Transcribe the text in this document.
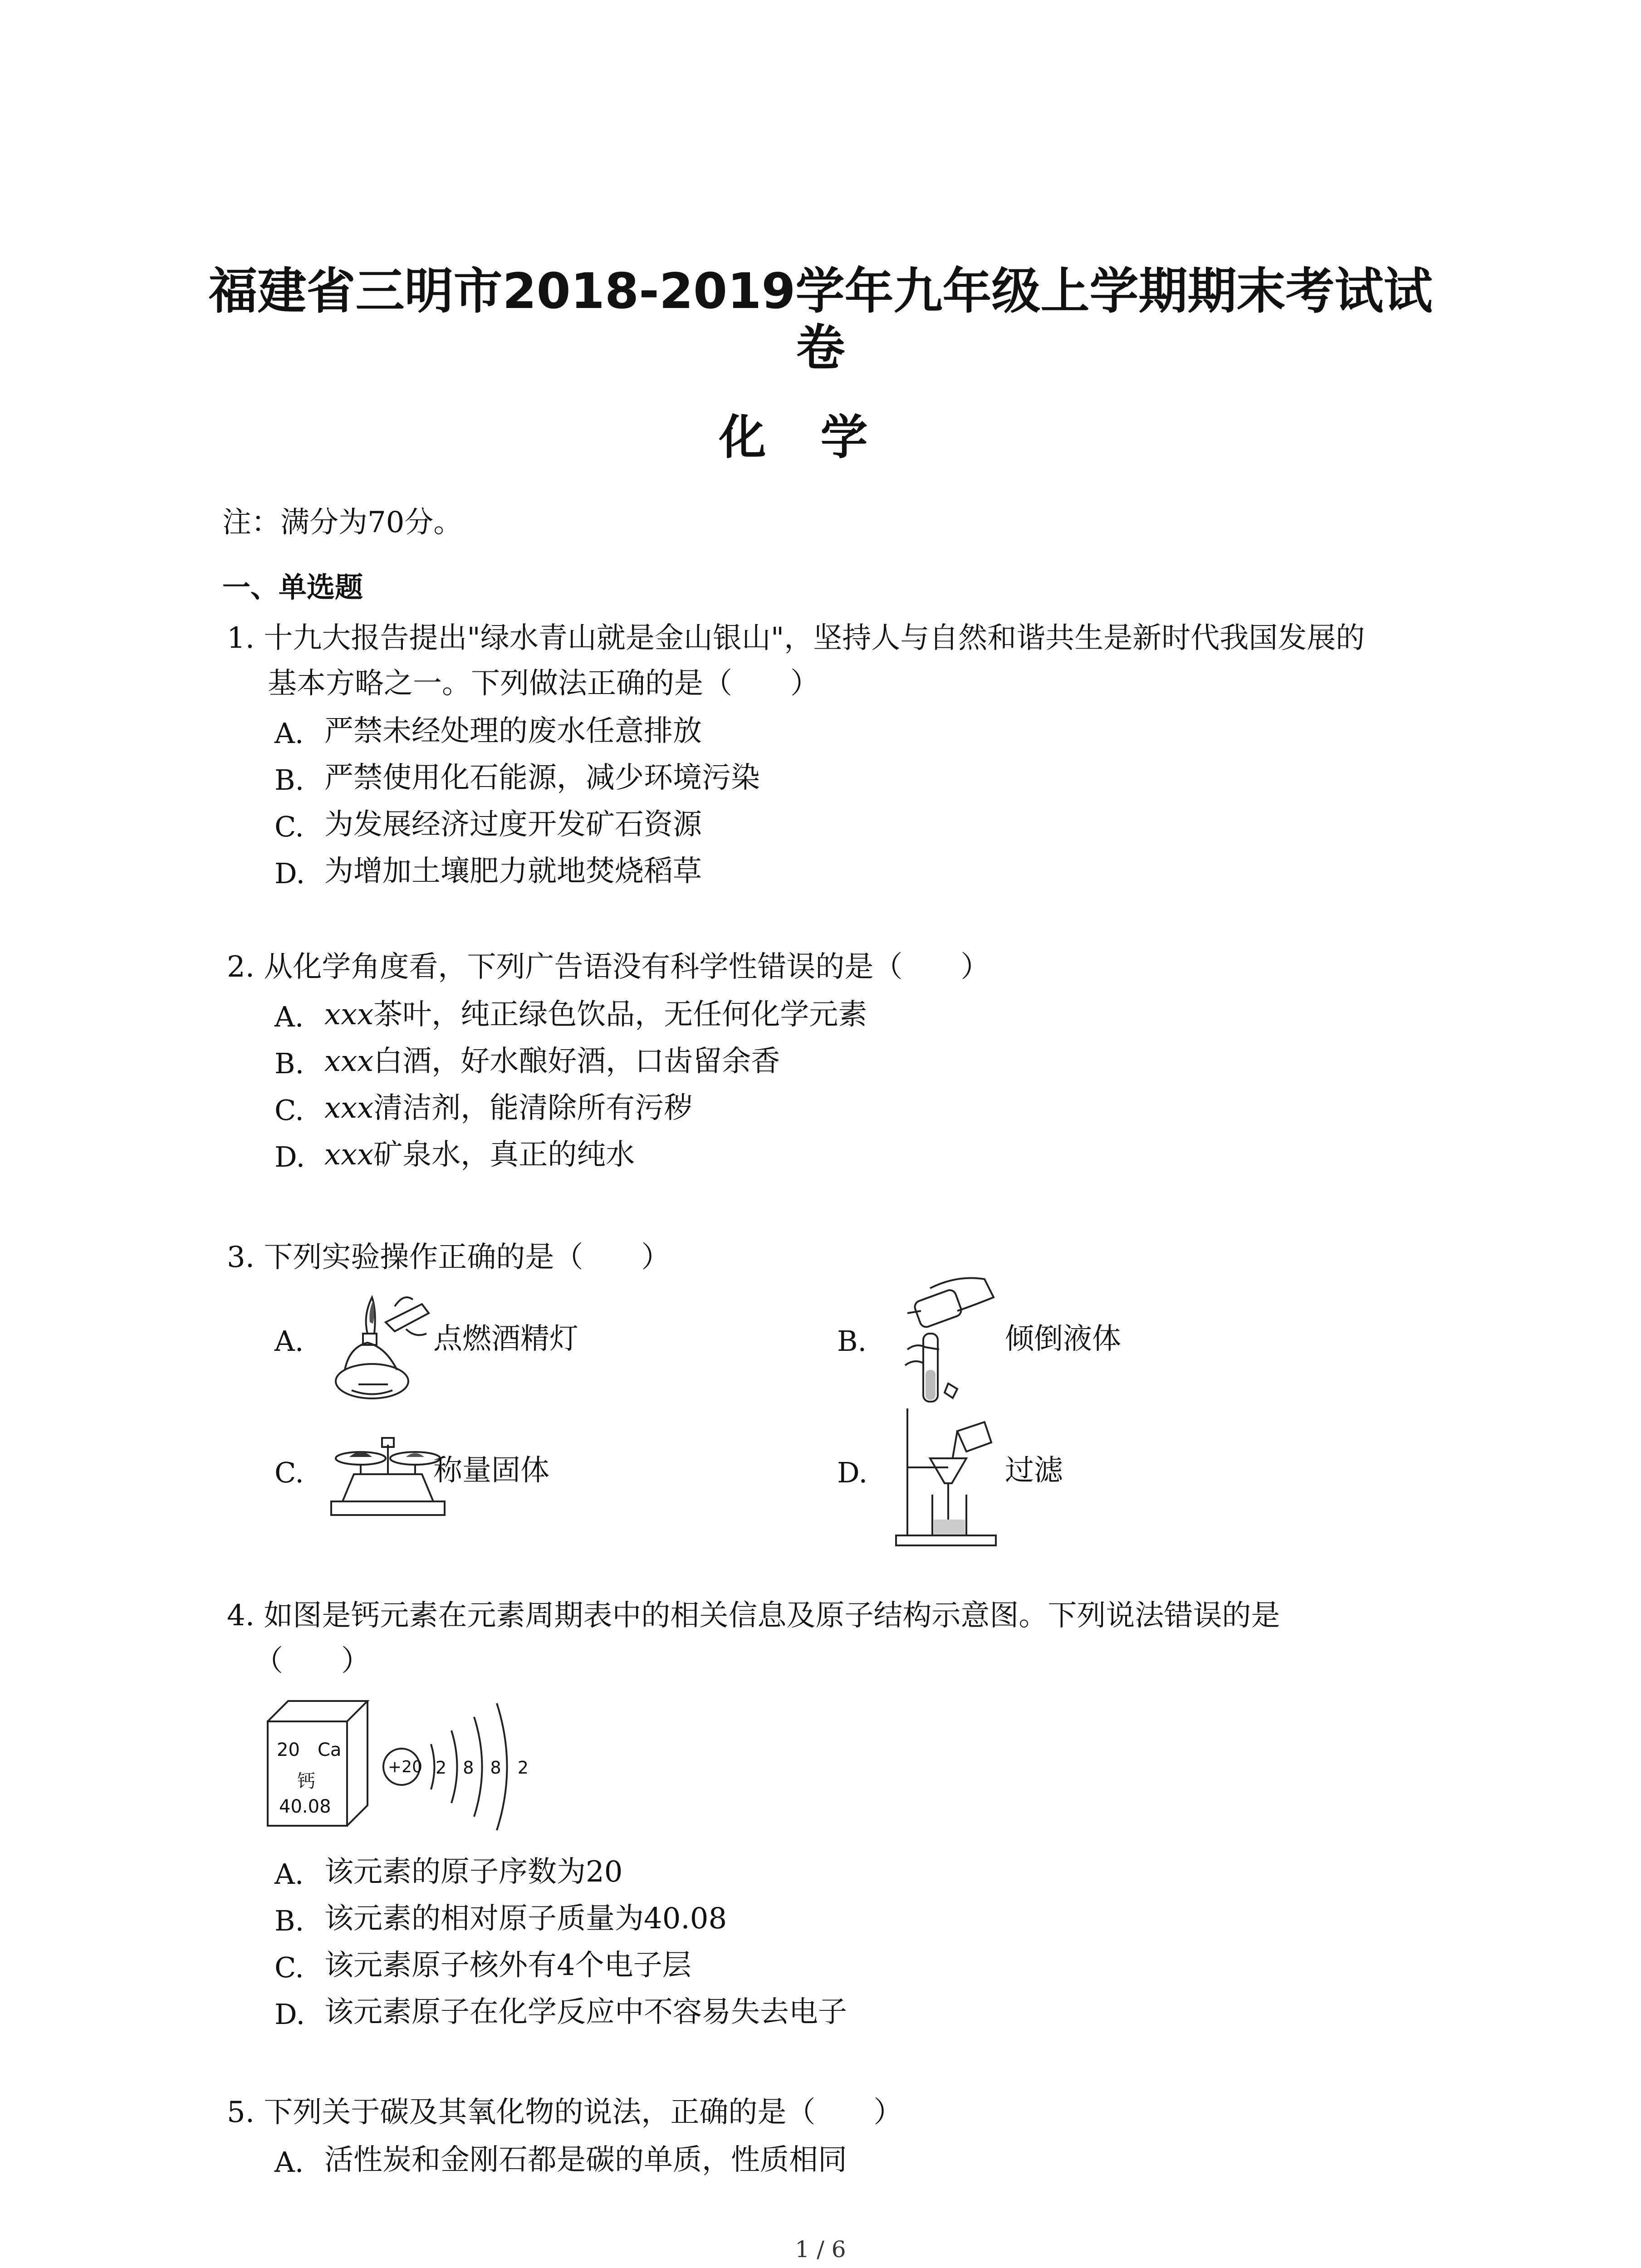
福建省三明市2018-2019学年九年级上学期期末考试试
卷
化学
注：满分为70分。
一、单选题
1. 十九大报告提出"绿水青山就是金山银山"，坚持人与自然和谐共生是新时代我国发展的
基本方略之一。下列做法正确的是（　　）
A. 严禁未经处理的废水任意排放
B. 严禁使用化石能源，减少环境污染
C. 为发展经济过度开发矿石资源
D. 为增加土壤肥力就地焚烧稻草
2. 从化学角度看，下列广告语没有科学性错误的是（　　）
A. xxx茶叶，纯正绿色饮品，无任何化学元素
B. xxx白酒，好水酿好酒，口齿留余香
C. xxx清洁剂，能清除所有污秽
D. xxx矿泉水，真正的纯水
3. 下列实验操作正确的是（　　）
A.	点燃酒精灯	B.	倾倒液体
C.	称量固体	D.	过滤
4. 如图是钙元素在元素周期表中的相关信息及原子结构示意图。下列说法错误的是
（　　）
20 Ca
钙
40.08
+20 2 8 8 2
A. 该元素的原子序数为20
B. 该元素的相对原子质量为40.08
C. 该元素原子核外有4个电子层
D. 该元素原子在化学反应中不容易失去电子
5. 下列关于碳及其氧化物的说法，正确的是（　　）
A. 活性炭和金刚石都是碳的单质，性质相同
1 / 6
